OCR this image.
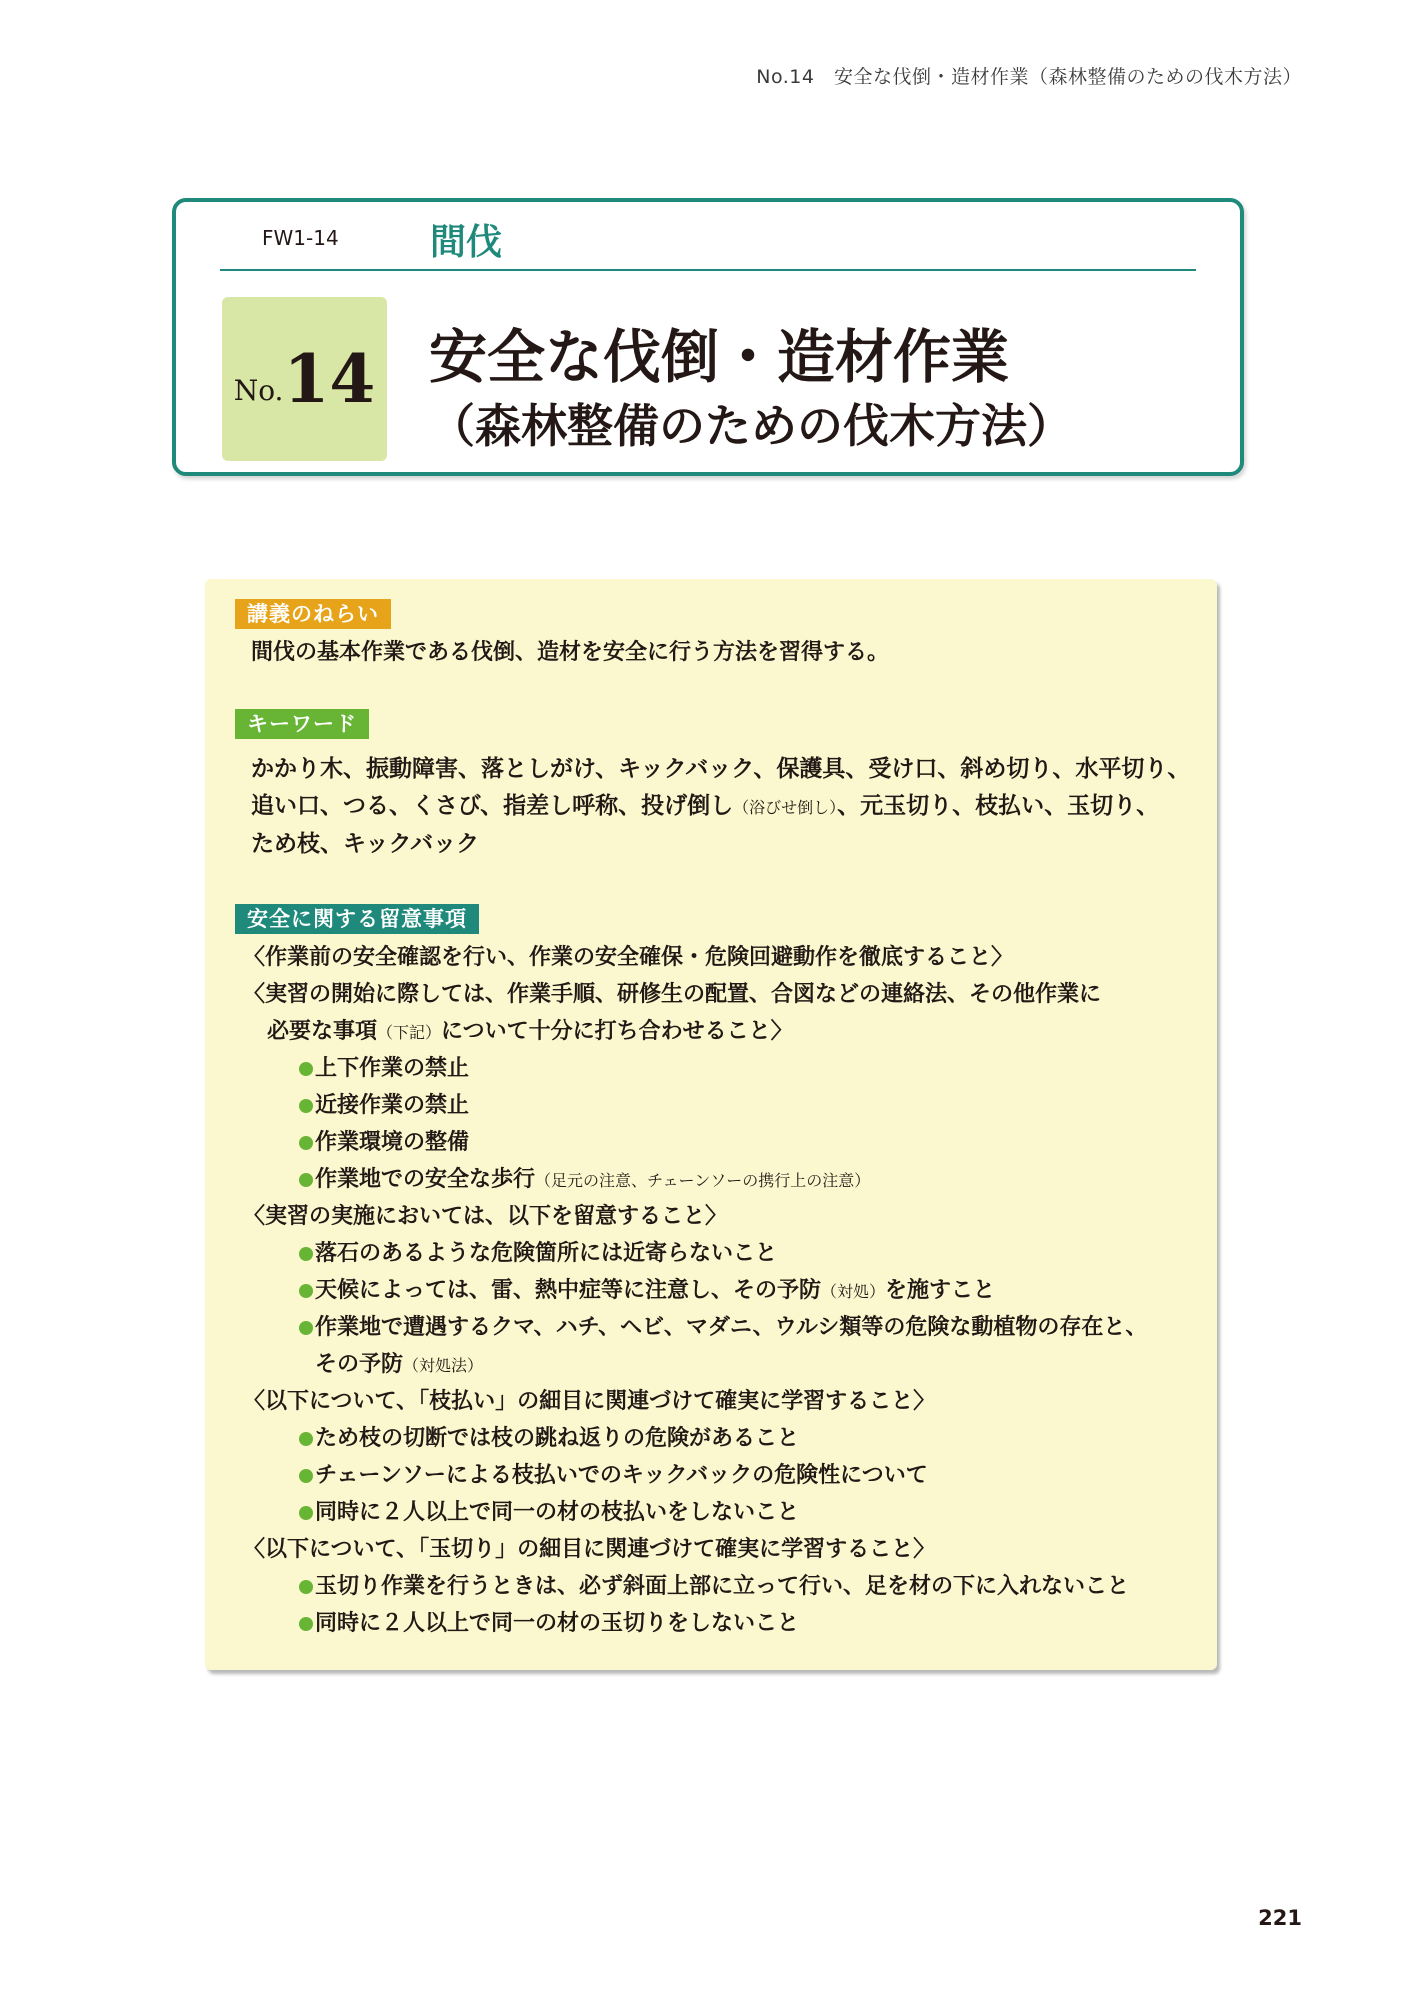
No.14　安全な伐倒・造材作業（森林整備のための伐木方法）
FW1-14	間伐
No. 14 安全な伐倒・造材作業
（森林整備のための伐木方法）
講義のねらい
間伐の基本作業である伐倒、造材を安全に行う方法を習得する。
キーワード
かかり木、振動障害、落としがけ、キックバック、保護具、受け口、斜め切り、水平切り、
追い口、つる、くさび、指差し呼称、投げ倒し（浴びせ倒し）、元玉切り、枝払い、玉切り、
ため枝、キックバック
安全に関する留意事項
〈作業前の安全確認を行い、作業の安全確保・危険回避動作を徹底すること〉
〈実習の開始に際しては、作業手順、研修生の配置、合図などの連絡法、その他作業に
必要な事項（下記）について十分に打ち合わせること〉
上下作業の禁止
近接作業の禁止
作業環境の整備
作業地での安全な歩行（足元の注意、チェーンソーの携行上の注意）
〈実習の実施においては、以下を留意すること〉
落石のあるような危険箇所には近寄らないこと
天候によっては、雷、熱中症等に注意し、その予防（対処）を施すこと
作業地で遭遇するクマ、ハチ、ヘビ、マダニ、ウルシ類等の危険な動植物の存在と、
その予防（対処法）
〈以下について、「枝払い」の細目に関連づけて確実に学習すること〉
ため枝の切断では枝の跳ね返りの危険があること
チェーンソーによる枝払いでのキックバックの危険性について
同時に２人以上で同一の材の枝払いをしないこと
〈以下について、「玉切り」の細目に関連づけて確実に学習すること〉
玉切り作業を行うときは、必ず斜面上部に立って行い、足を材の下に入れないこと
同時に２人以上で同一の材の玉切りをしないこと
221
